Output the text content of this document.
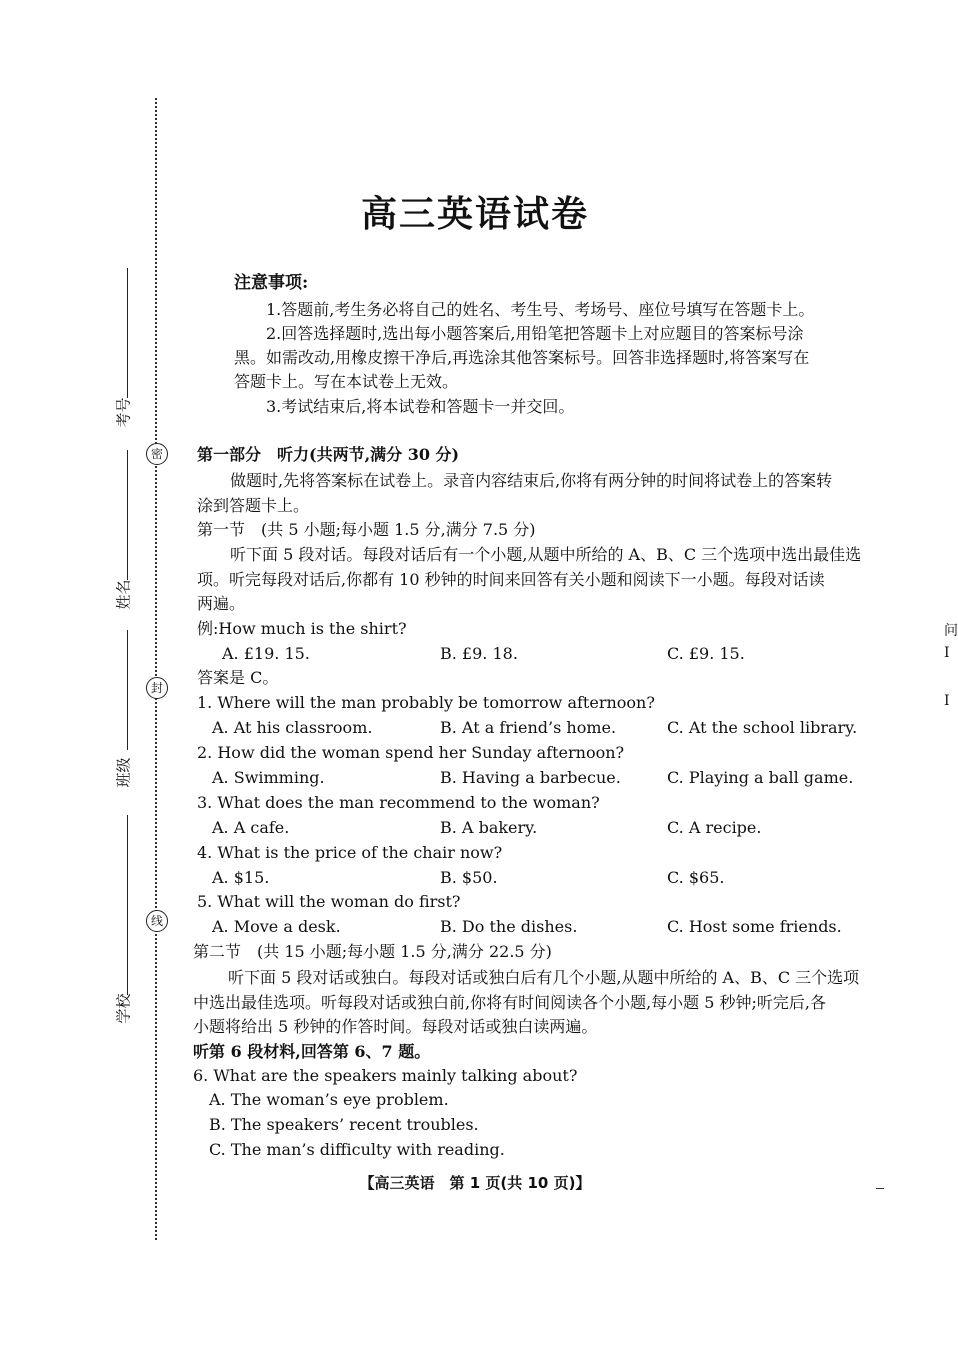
密
封
线
考号
姓名
班级
学校
高三英语试卷
注意事项:
1.答题前,考生务必将自己的姓名、考生号、考场号、座位号填写在答题卡上。
2.回答选择题时,选出每小题答案后,用铅笔把答题卡上对应题目的答案标号涂
黑。如需改动,用橡皮擦干净后,再选涂其他答案标号。回答非选择题时,将答案写在
答题卡上。写在本试卷上无效。
3.考试结束后,将本试卷和答题卡一并交回。
第一部分　听力(共两节,满分 30 分)
做题时,先将答案标在试卷上。录音内容结束后,你将有两分钟的时间将试卷上的答案转
涂到答题卡上。
第一节　(共 5 小题;每小题 1.5 分,满分 7.5 分)
听下面 5 段对话。每段对话后有一个小题,从题中所给的 A、B、C 三个选项中选出最佳选
项。听完每段对话后,你都有 10 秒钟的时间来回答有关小题和阅读下一小题。每段对话读
两遍。
例:How much is the shirt?
A. £19. 15.	B. £9. 18.	C. £9. 15.
答案是 C。
1. Where will the man probably be tomorrow afternoon?
A. At his classroom.	B. At a friend’s home.	C. At the school library.
2. How did the woman spend her Sunday afternoon?
A. Swimming.	B. Having a barbecue.	C. Playing a ball game.
3. What does the man recommend to the woman?
A. A cafe.	B. A bakery.	C. A recipe.
4. What is the price of the chair now?
A. $15.	B. $50.	C. $65.
5. What will the woman do first?
A. Move a desk.	B. Do the dishes.	C. Host some friends.
第二节　(共 15 小题;每小题 1.5 分,满分 22.5 分)
听下面 5 段对话或独白。每段对话或独白后有几个小题,从题中所给的 A、B、C 三个选项
中选出最佳选项。听每段对话或独白前,你将有时间阅读各个小题,每小题 5 秒钟;听完后,各
小题将给出 5 秒钟的作答时间。每段对话或独白读两遍。
听第 6 段材料,回答第 6、7 题。
6. What are the speakers mainly talking about?
A. The woman’s eye problem.
B. The speakers’ recent troubles.
C. The man’s difficulty with reading.
问
I
I
【高三英语　第 1 页(共 10 页)】
